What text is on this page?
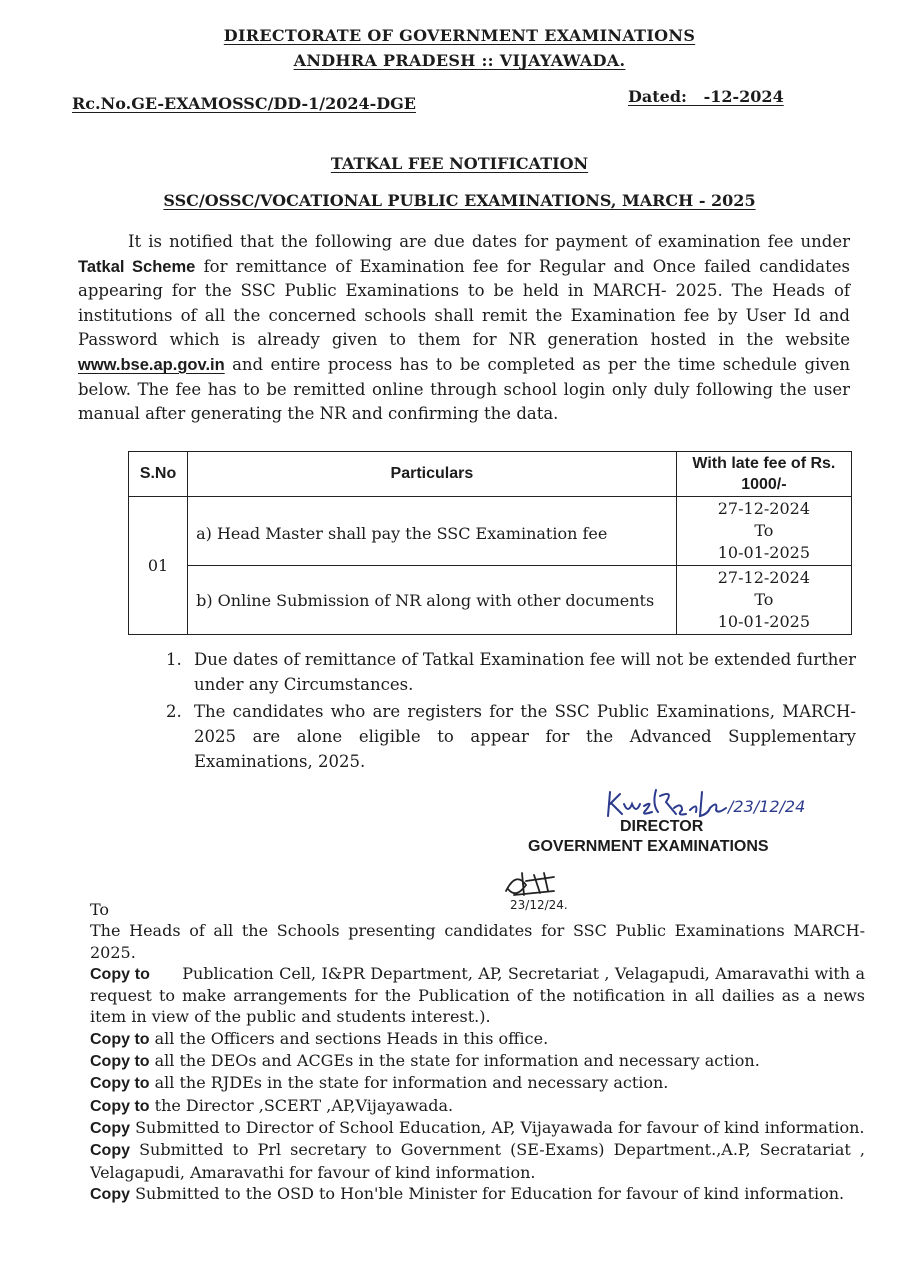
DIRECTORATE OF GOVERNMENT EXAMINATIONS
ANDHRA PRADESH :: VIJAYAWADA.
Rc.No.GE-EXAMOSSC/DD-1/2024-DGE	Dated:   -12-2024
TATKAL FEE NOTIFICATION
SSC/OSSC/VOCATIONAL PUBLIC EXAMINATIONS, MARCH - 2025

It is notified that the following are due dates for payment of examination fee under Tatkal Scheme for remittance of Examination fee for Regular and Once failed candidates appearing for the SSC Public Examinations to be held in MARCH- 2025. The Heads of institutions of all the concerned schools shall remit the Examination fee by User Id and Password which is already given to them for NR generation hosted in the website www.bse.ap.gov.in and entire process has to be completed as per the time schedule given below. The fee has to be remitted online through school login only duly following the user manual after generating the NR and confirming the data.

S.No	Particulars	With late fee of Rs. 1000/-
01	a) Head Master shall pay the SSC Examination fee	27-12-2024
To
10-01-2025

	b) Online Submission of NR along with other documents	27-12-2024
To
10-01-2025
1. Due dates of remittance of Tatkal Examination fee will not be extended further under any Circumstances.
2. The candidates who are registers for the SSC Public Examinations, MARCH-2025 are alone eligible to appear for the Advanced Supplementary Examinations, 2025.
/23/12/24
DIRECTOR
GOVERNMENT EXAMINATIONS
23/12/24.

To

The Heads of all the Schools presenting candidates for SSC Public Examinations MARCH-2025.

Copy to Publication Cell, I&PR Department, AP, Secretariat , Velagapudi, Amaravathi with a request to make arrangements for the Publication of the notification in all dailies as a news item in view of the public and students interest.).

Copy to all the Officers and sections Heads in this office.

Copy to all the DEOs and ACGEs in the state for information and necessary action.

Copy to all the RJDEs in the state for information and necessary action.

Copy to the Director ,SCERT ,AP,Vijayawada.

Copy Submitted to Director of School Education, AP, Vijayawada for favour of kind information.

Copy Submitted to Prl secretary to Government (SE-Exams) Department.,A.P, Secratariat , Velagapudi, Amaravathi for favour of kind information.

Copy Submitted to the OSD to Hon'ble Minister for Education for favour of kind information.
